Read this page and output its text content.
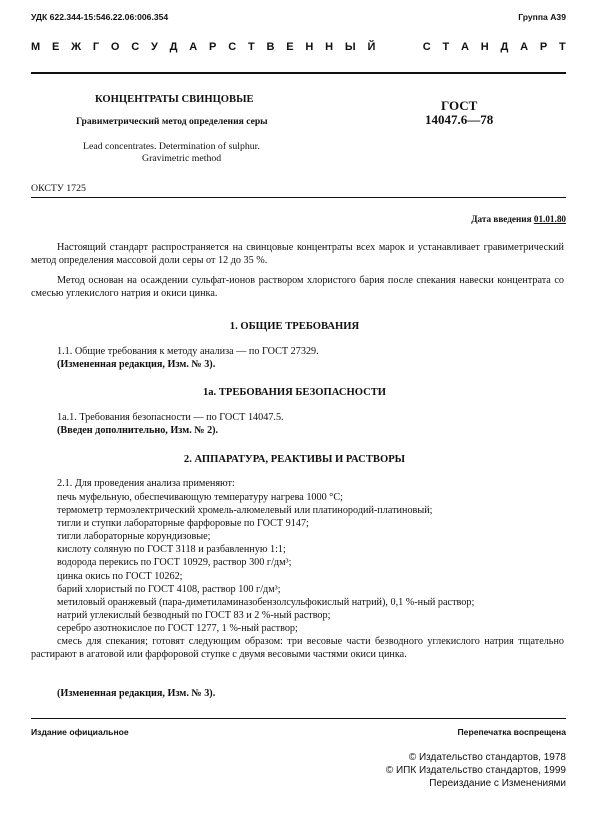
УДК 622.344-15:546.22.06:006.354	Группа А39
М Е Ж Г О С У Д А Р С Т В Е Н Н Ы Й	С Т А Н Д А Р Т
КОНЦЕНТРАТЫ СВИНЦОВЫЕ
Гравиметрический метод определения серы
Lead concentrates. Determination of sulphur.
Gravimetric method
ГОСТ
14047.6—78
ОКСТУ 1725
Дата введения 01.01.80
Настоящий стандарт распространяется на свинцовые концентраты всех марок и устанавливает гравиметрический метод определения массовой доли серы от 12 до 35 %.
Метод основан на осаждении сульфат-ионов раствором хлористого бария после спекания навески концентрата со смесью углекислого натрия и окиси цинка.
1. ОБЩИЕ ТРЕБОВАНИЯ
1.1. Общие требования к методу анализа — по ГОСТ 27329.
(Измененная редакция, Изм. № 3).
1а. ТРЕБОВАНИЯ БЕЗОПАСНОСТИ
1а.1. Требования безопасности — по ГОСТ 14047.5.
(Введен дополнительно, Изм. № 2).
2. АППАРАТУРА, РЕАКТИВЫ И РАСТВОРЫ
2.1. Для проведения анализа применяют:
печь муфельную, обеспечивающую температуру нагрева 1000 °С;
термометр термоэлектрический хромель-алюмелевый или платинородий-платиновый;
тигли и ступки лабораторные фарфоровые по ГОСТ 9147;
тигли лабораторные корундизовые;
кислоту соляную по ГОСТ 3118 и разбавленную 1:1;
водорода перекись по ГОСТ 10929, раствор 300 г/дм³;
цинка окись по ГОСТ 10262;
барий хлористый по ГОСТ 4108, раствор 100 г/дм³;
метиловый оранжевый (пара-диметиламиназобензолсульфокислый натрий), 0,1 %-ный раствор;
натрий углекислый безводный по ГОСТ 83 и 2 %-ный раствор;
серебро азотнокислое по ГОСТ 1277, 1 %-ный раствор;
смесь для спекания; готовят следующим образом: три весовые части безводного углекислого натрия тщательно растирают в агатовой или фарфоровой ступке с двумя весовыми частями окиси цинка.
(Измененная редакция, Изм. № 3).
Издание официальное	Перепечатка воспрещена
© Издательство стандартов, 1978
© ИПК Издательство стандартов, 1999
Переиздание с Изменениями
